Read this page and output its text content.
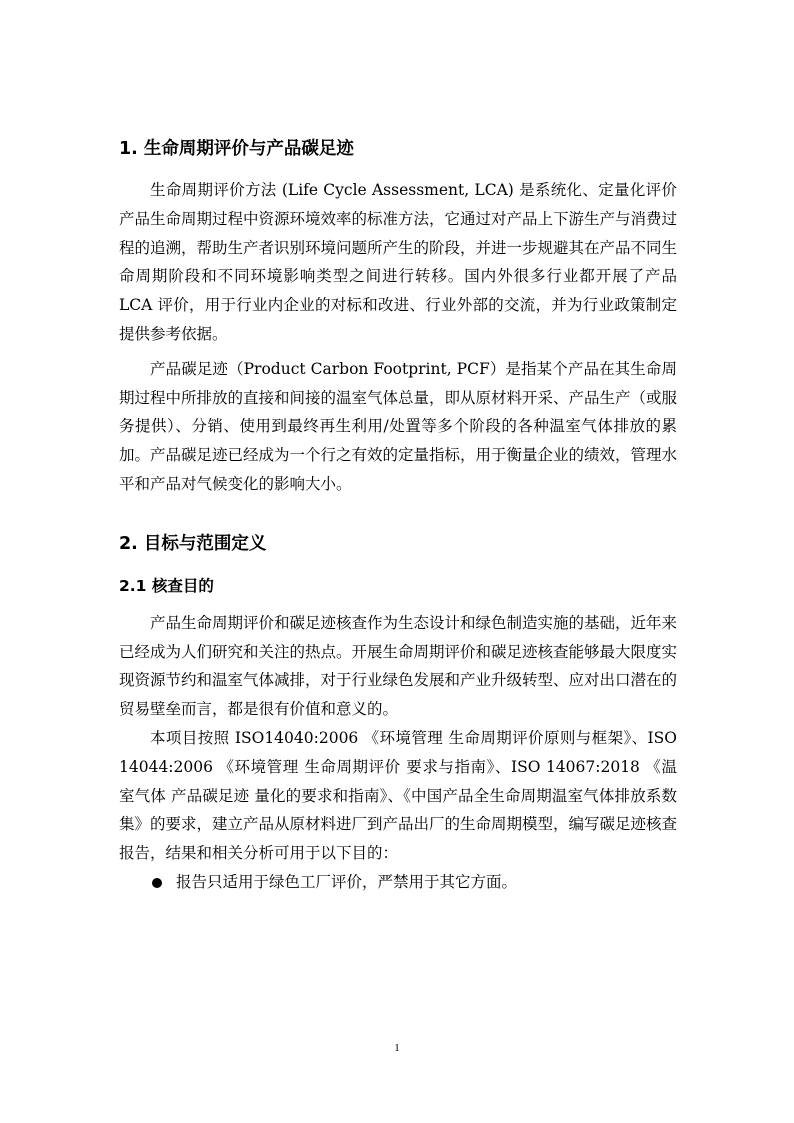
1. 生命周期评价与产品碳足迹

生命周期评价方法 (Life Cycle Assessment, LCA) 是系统化、定量化评价产品生命周期过程中资源环境效率的标准方法，它通过对产品上下游生产与消费过程的追溯，帮助生产者识别环境问题所产生的阶段，并进一步规避其在产品不同生命周期阶段和不同环境影响类型之间进行转移。国内外很多行业都开展了产品 LCA 评价，用于行业内企业的对标和改进、行业外部的交流，并为行业政策制定提供参考依据。

产品碳足迹（Product Carbon Footprint, PCF）是指某个产品在其生命周期过程中所排放的直接和间接的温室气体总量，即从原材料开采、产品生产（或服务提供）、分销、使用到最终再生利用/处置等多个阶段的各种温室气体排放的累加。产品碳足迹已经成为一个行之有效的定量指标，用于衡量企业的绩效，管理水平和产品对气候变化的影响大小。

2. 目标与范围定义
2.1 核查目的

产品生命周期评价和碳足迹核查作为生态设计和绿色制造实施的基础，近年来已经成为人们研究和关注的热点。开展生命周期评价和碳足迹核查能够最大限度实现资源节约和温室气体减排，对于行业绿色发展和产业升级转型、应对出口潜在的贸易壁垒而言，都是很有价值和意义的。

本项目按照 ISO14040:2006 《环境管理 生命周期评价原则与框架》、ISO 14044:2006 《环境管理 生命周期评价 要求与指南》、ISO 14067:2018 《温室气体 产品碳足迹 量化的要求和指南》、《中国产品全生命周期温室气体排放系数集》的要求，建立产品从原材料进厂到产品出厂的生命周期模型，编写碳足迹核查报告，结果和相关分析可用于以下目的：

报告只适用于绿色工厂评价，严禁用于其它方面。
1
